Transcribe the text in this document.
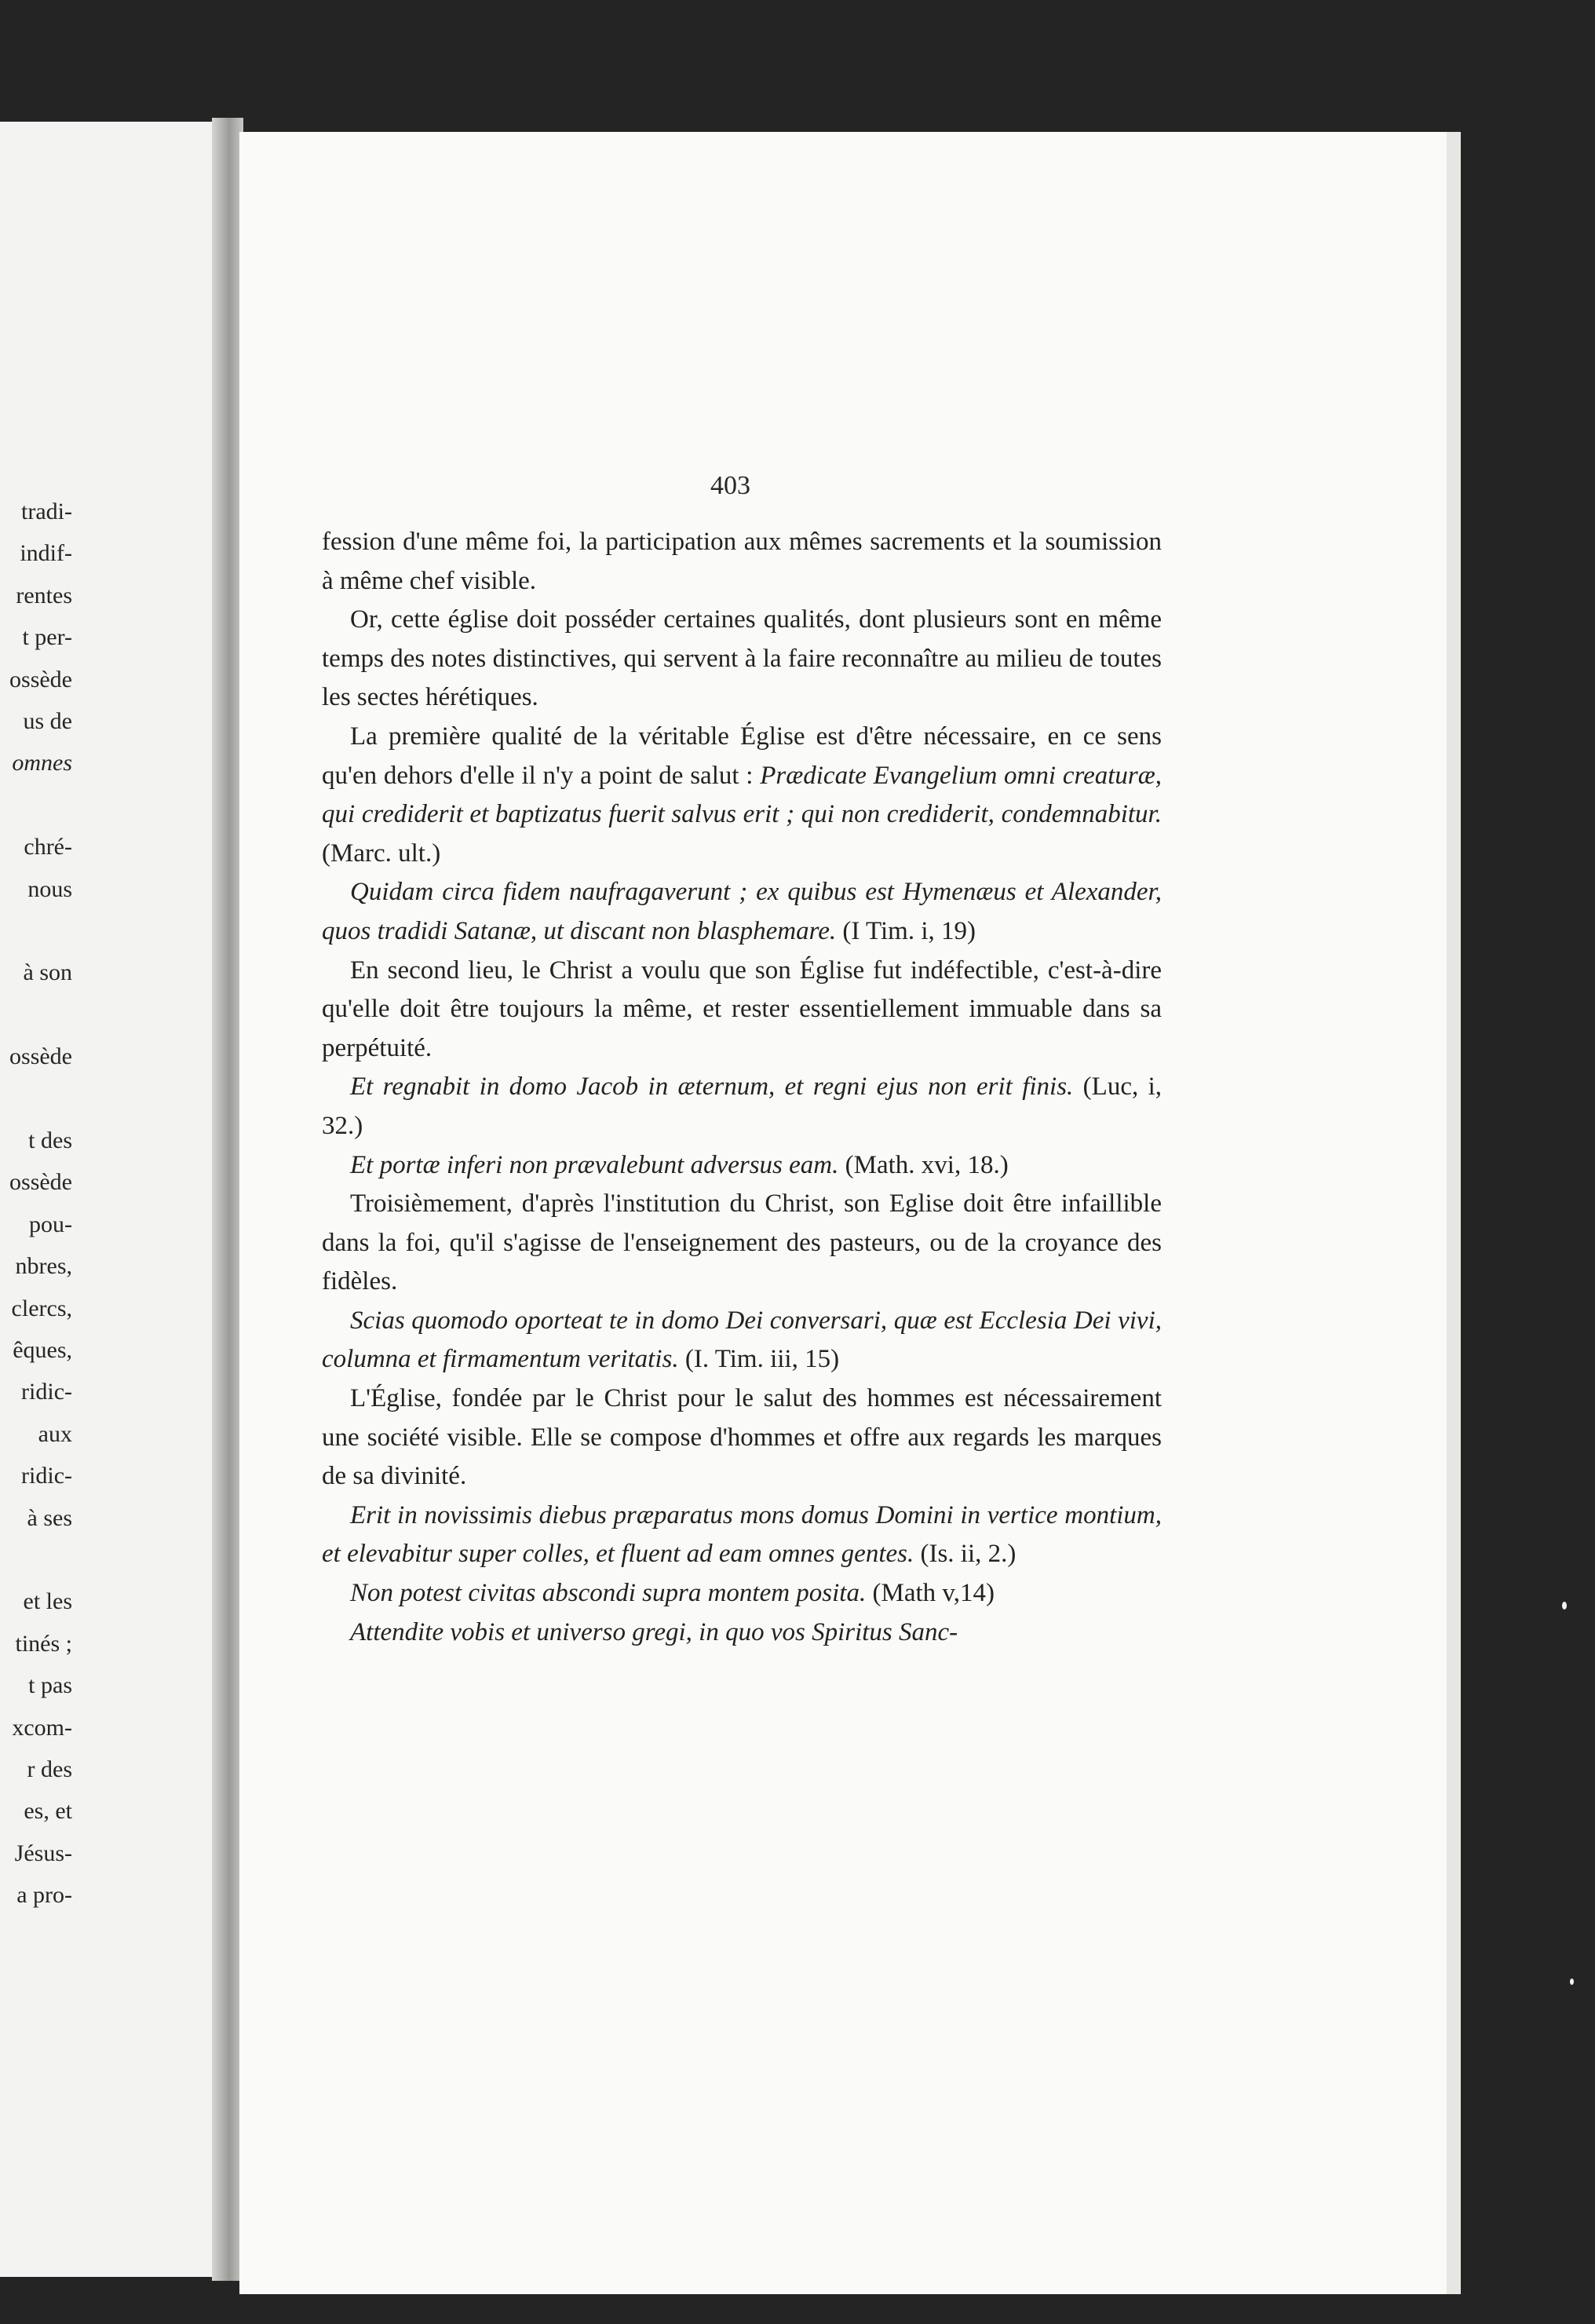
tradi-
indif-
rentes
t per-
ossède
us de
omnes
chré-
nous
à son
ossède
t des
ossède
pou-
nbres,
clercs,
êques,
ridic-
aux
ridic-
à ses
et les
tinés ;
t pas
xcom-
r des
es, et
Jésus-
a pro-
403

fession d'une même foi, la participation aux mêmes sacrements et la soumission à même chef visible.

Or, cette église doit posséder certaines qualités, dont plusieurs sont en même temps des notes distinctives, qui servent à la faire reconnaître au milieu de toutes les sectes hérétiques.

La première qualité de la véritable Église est d'être nécessaire, en ce sens qu'en dehors d'elle il n'y a point de salut : Prædicate Evangelium omni creaturæ, qui crediderit et baptizatus fuerit salvus erit ; qui non crediderit, condemnabitur. (Marc. ult.)

Quidam circa fidem naufragaverunt ; ex quibus est Hymenæus et Alexander, quos tradidi Satanæ, ut discant non blasphemare. (I Tim. i, 19)

En second lieu, le Christ a voulu que son Église fut indéfectible, c'est-à-dire qu'elle doit être toujours la même, et rester essentiellement immuable dans sa perpétuité.

Et regnabit in domo Jacob in æternum, et regni ejus non erit finis. (Luc, i, 32.)

Et portæ inferi non prævalebunt adversus eam. (Math. xvi, 18.)

Troisièmement, d'après l'institution du Christ, son Eglise doit être infaillible dans la foi, qu'il s'agisse de l'enseignement des pasteurs, ou de la croyance des fidèles.

Scias quomodo oporteat te in domo Dei conversari, quæ est Ecclesia Dei vivi, columna et firmamentum veritatis. (I. Tim. iii, 15)

L'Église, fondée par le Christ pour le salut des hommes est nécessairement une société visible. Elle se compose d'hommes et offre aux regards les marques de sa divinité.

Erit in novissimis diebus præparatus mons domus Domini in vertice montium, et elevabitur super colles, et fluent ad eam omnes gentes. (Is. ii, 2.)

Non potest civitas abscondi supra montem posita. (Math v,14)

Attendite vobis et universo gregi, in quo vos Spiritus Sanc-
